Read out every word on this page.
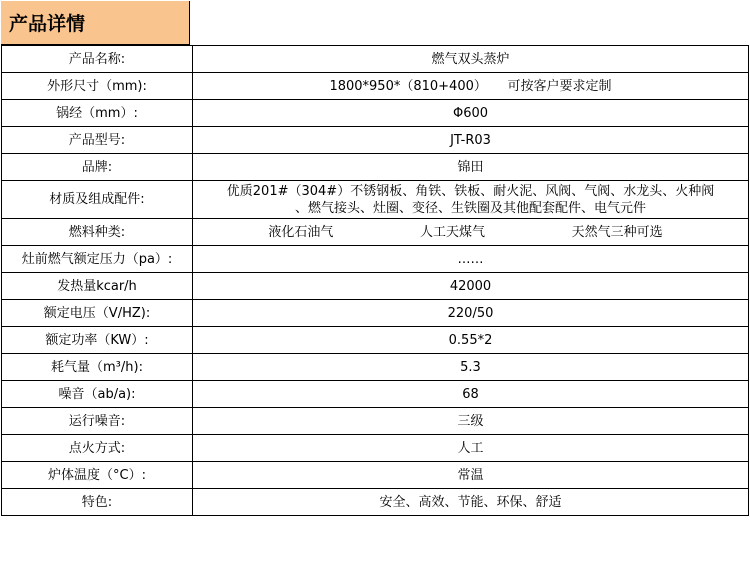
产品详情
产品名称:	燃气双头蒸炉
外形尺寸（mm):	1800*950*（810+400）     可按客户要求定制
锅经（mm）:	Φ600
产品型号:	JT-R03
品牌:	锦田
材质及组成配件:	优质201#（304#）不锈钢板、角铁、铁板、耐火泥、风阀、气阀、水龙头、火种阀
、燃气接头、灶圈、变径、生铁圈及其他配套配件、电气元件

燃料种类:	液化石油气 人工天煤气 天然气三种可选

灶前燃气额定压力（pa）:	……
发热量kcar/h	42000
额定电压（V/HZ):	220/50
额定功率（KW）:	0.55*2
耗气量（m³/h):	5.3
噪音（ab/a):	68
运行噪音:	三级
点火方式:	人工
炉体温度（°C）:	常温
特色:	安全、高效、节能、环保、舒适
